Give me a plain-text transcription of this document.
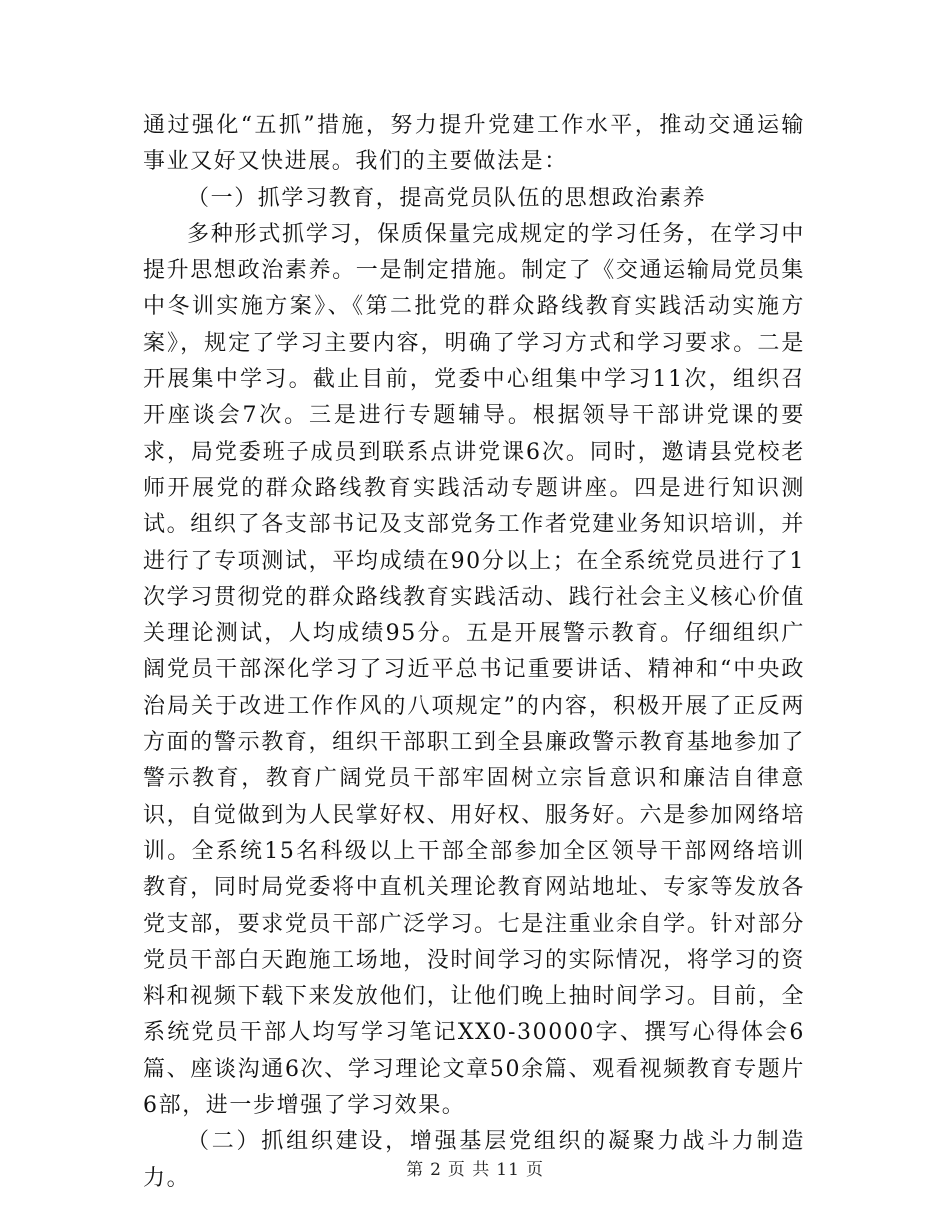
通过强化“五抓”措施，努力提升党建工作水平，推动交通运输事业又好又快进展。我们的主要做法是：

（一）抓学习教育，提高党员队伍的思想政治素养

多种形式抓学习，保质保量完成规定的学习任务，在学习中提升思想政治素养。一是制定措施。制定了《交通运输局党员集中冬训实施方案》、《第二批党的群众路线教育实践活动实施方案》，规定了学习主要内容，明确了学习方式和学习要求。二是开展集中学习。截止目前，党委中心组集中学习11次，组织召开座谈会7次。三是进行专题辅导。根据领导干部讲党课的要求，局党委班子成员到联系点讲党课6次。同时，邀请县党校老师开展党的群众路线教育实践活动专题讲座。四是进行知识测试。组织了各支部书记及支部党务工作者党建业务知识培训，并进行了专项测试，平均成绩在90分以上；在全系统党员进行了1次学习贯彻党的群众路线教育实践活动、践行社会主义核心价值关理论测试，人均成绩95分。五是开展警示教育。仔细组织广阔党员干部深化学习了习近平总书记重要讲话、精神和“中央政治局关于改进工作作风的八项规定”的内容，积极开展了正反两方面的警示教育，组织干部职工到全县廉政警示教育基地参加了警示教育，教育广阔党员干部牢固树立宗旨意识和廉洁自律意识，自觉做到为人民掌好权、用好权、服务好。六是参加网络培训。全系统15名科级以上干部全部参加全区领导干部网络培训教育，同时局党委将中直机关理论教育网站地址、专家等发放各党支部，要求党员干部广泛学习。七是注重业余自学。针对部分党员干部白天跑施工场地，没时间学习的实际情况，将学习的资料和视频下载下来发放他们，让他们晚上抽时间学习。目前，全系统党员干部人均写学习笔记XX0-30000字、撰写心得体会6篇、座谈沟通6次、学习理论文章50余篇、观看视频教育专题片6部，进一步增强了学习效果。

（二）抓组织建设，增强基层党组织的凝聚力战斗力制造力。	第 2 页 共 11 页
